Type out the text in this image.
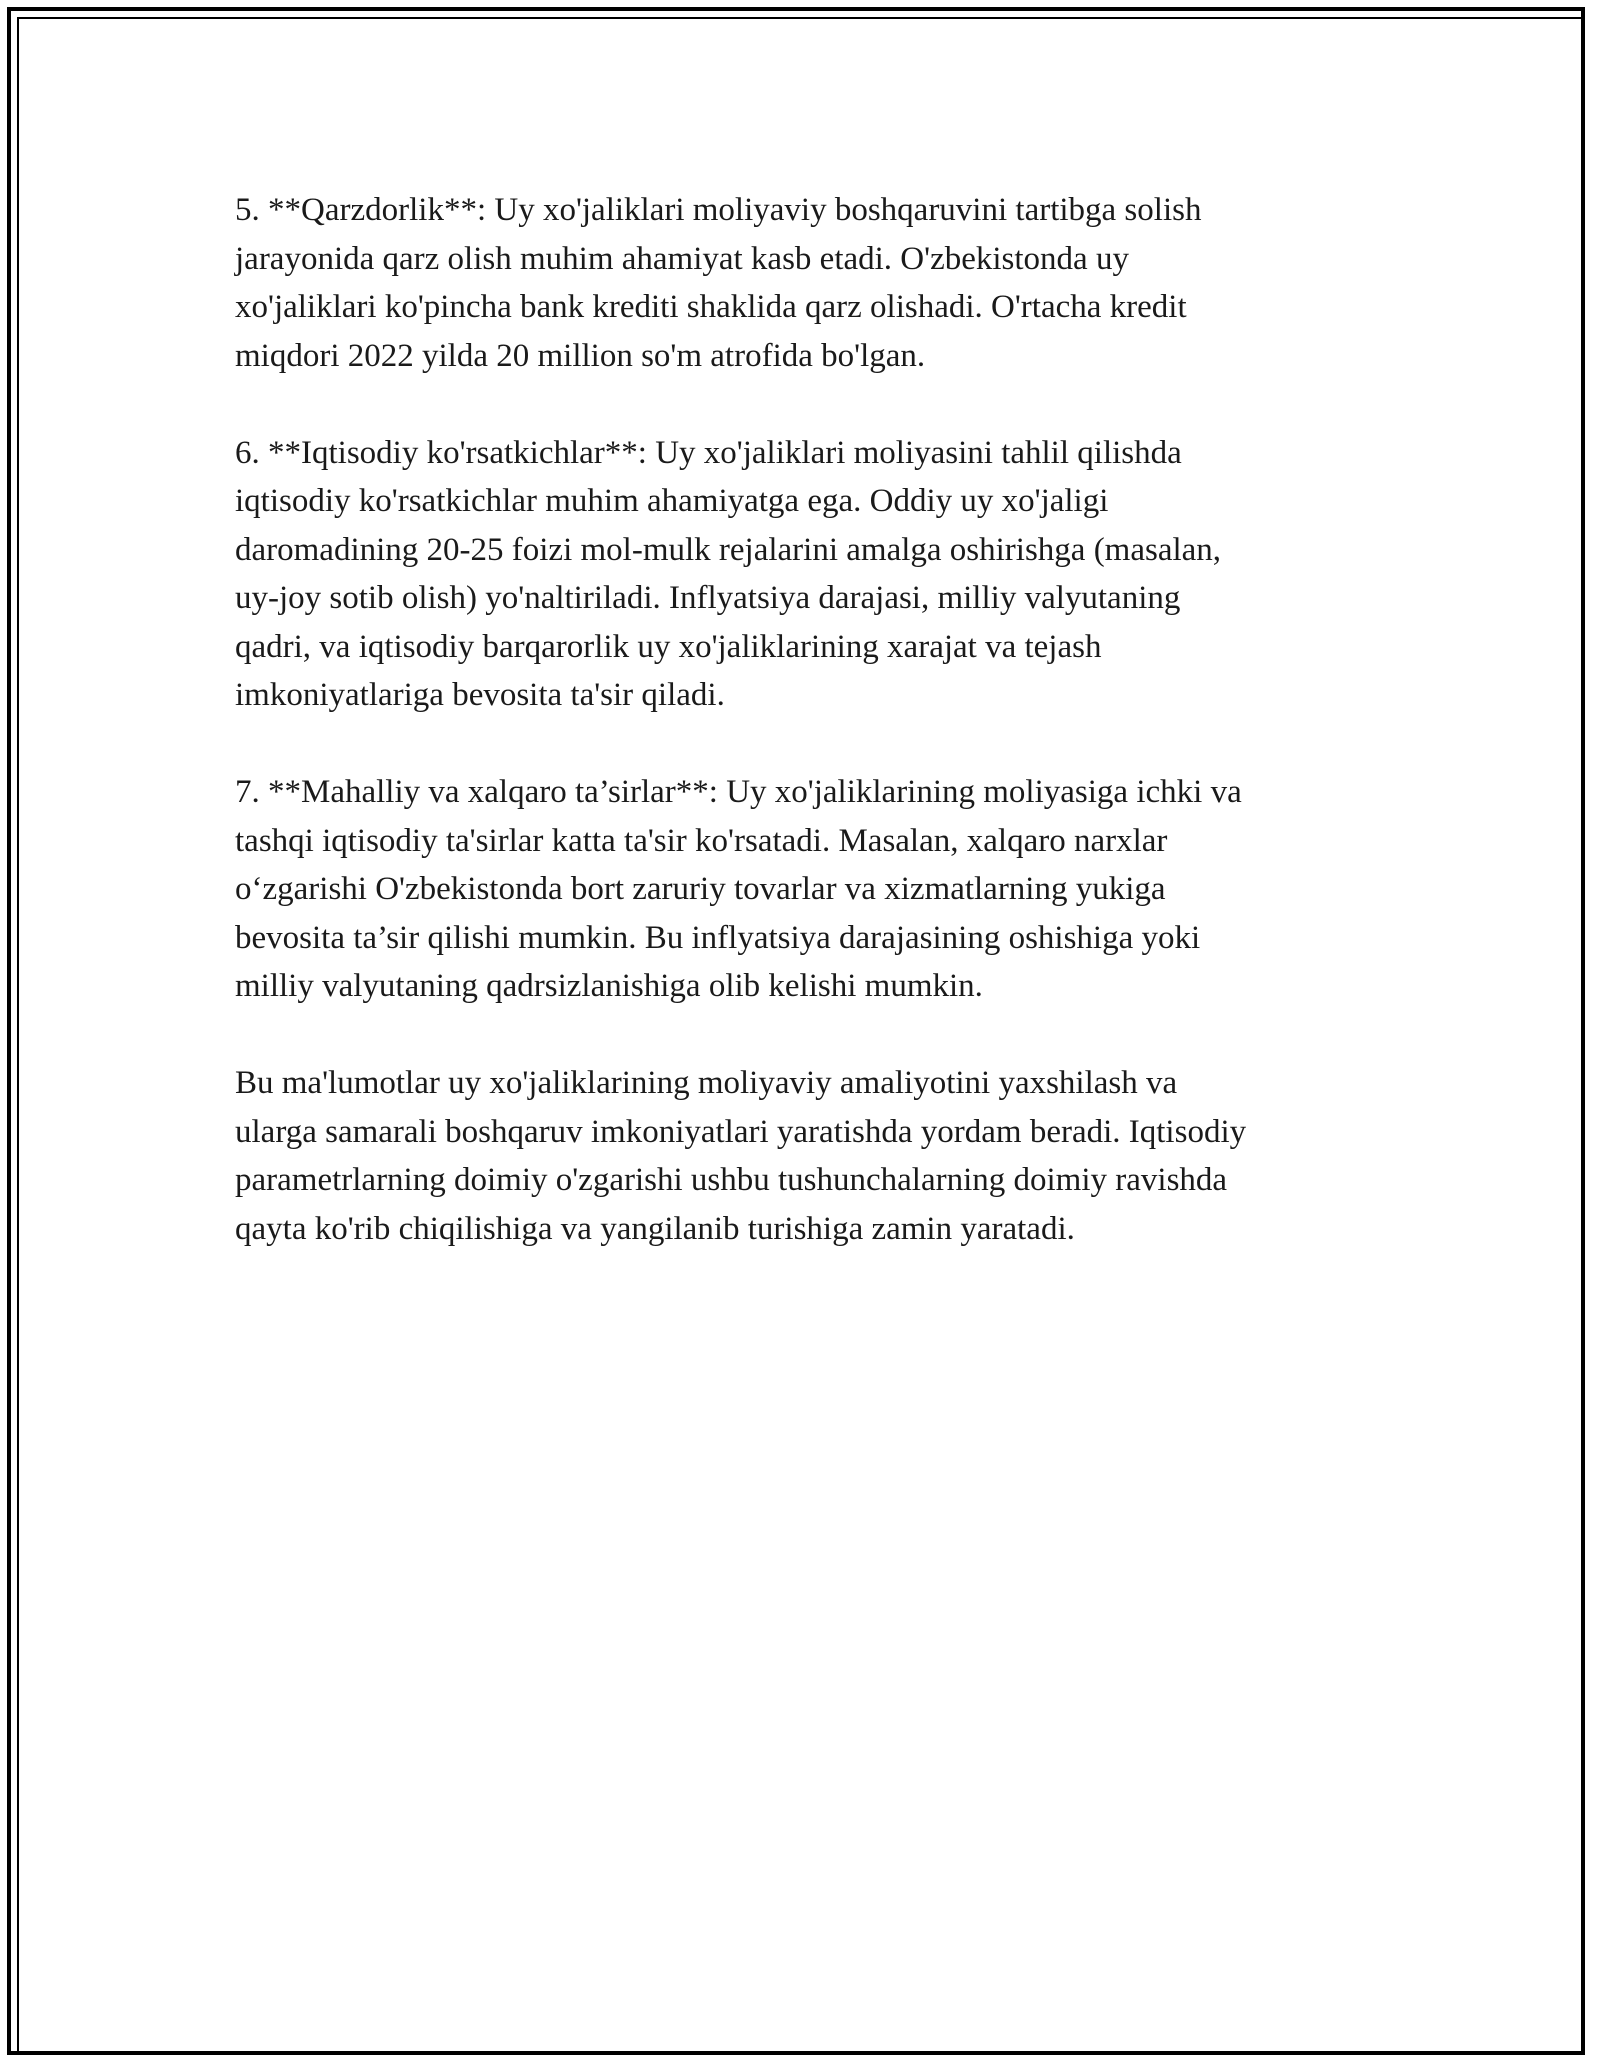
5. **Qarzdorlik**: Uy xo'jaliklari moliyaviy boshqaruvini tartibga solish
jarayonida qarz olish muhim ahamiyat kasb etadi. O'zbekistonda uy
xo'jaliklari ko'pincha bank krediti shaklida qarz olishadi. O'rtacha kredit
miqdori 2022 yilda 20 million so'm atrofida bo'lgan.

6. **Iqtisodiy ko'rsatkichlar**: Uy xo'jaliklari moliyasini tahlil qilishda
iqtisodiy ko'rsatkichlar muhim ahamiyatga ega. Oddiy uy xo'jaligi
daromadining 20-25 foizi mol-mulk rejalarini amalga oshirishga (masalan,
uy-joy sotib olish) yo'naltiriladi. Inflyatsiya darajasi, milliy valyutaning
qadri, va iqtisodiy barqarorlik uy xo'jaliklarining xarajat va tejash
imkoniyatlariga bevosita ta'sir qiladi.

7. **Mahalliy va xalqaro ta’sirlar**: Uy xo'jaliklarining moliyasiga ichki va
tashqi iqtisodiy ta'sirlar katta ta'sir ko'rsatadi. Masalan, xalqaro narxlar
o‘zgarishi O'zbekistonda bort zaruriy tovarlar va xizmatlarning yukiga
bevosita ta’sir qilishi mumkin. Bu inflyatsiya darajasining oshishiga yoki
milliy valyutaning qadrsizlanishiga olib kelishi mumkin.

Bu ma'lumotlar uy xo'jaliklarining moliyaviy amaliyotini yaxshilash va
ularga samarali boshqaruv imkoniyatlari yaratishda yordam beradi. Iqtisodiy
parametrlarning doimiy o'zgarishi ushbu tushunchalarning doimiy ravishda
qayta ko'rib chiqilishiga va yangilanib turishiga zamin yaratadi.
